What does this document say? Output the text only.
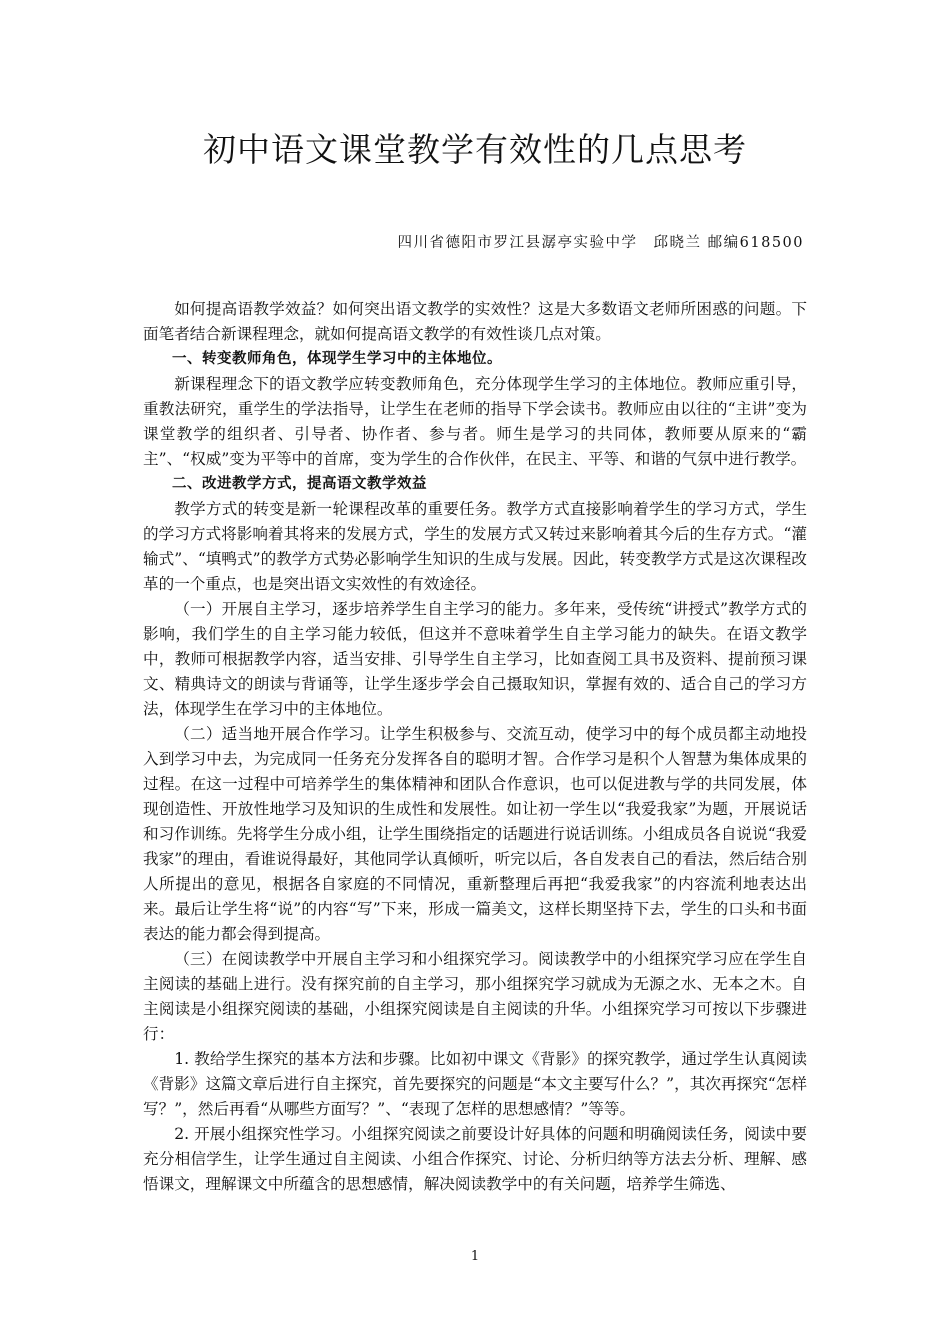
初中语文课堂教学有效性的几点思考
四川省德阳市罗江县潺亭实验中学　邱晓兰 邮编618500

如何提高语教学效益？如何突出语文教学的实效性？这是大多数语文老师所困惑的问题。下面笔者结合新课程理念，就如何提高语文教学的有效性谈几点对策。

一、转变教师角色，体现学生学习中的主体地位。

新课程理念下的语文教学应转变教师角色，充分体现学生学习的主体地位。教师应重引导，重教法研究，重学生的学法指导，让学生在老师的指导下学会读书。教师应由以往的“主讲”变为课堂教学的组织者、引导者、协作者、参与者。师生是学习的共同体，教师要从原来的“霸主”、“权威”变为平等中的首席，变为学生的合作伙伴，在民主、平等、和谐的气氛中进行教学。

二、改进教学方式，提高语文教学效益

教学方式的转变是新一轮课程改革的重要任务。教学方式直接影响着学生的学习方式，学生的学习方式将影响着其将来的发展方式，学生的发展方式又转过来影响着其今后的生存方式。“灌输式”、“填鸭式”的教学方式势必影响学生知识的生成与发展。因此，转变教学方式是这次课程改革的一个重点，也是突出语文实效性的有效途径。

（一）开展自主学习，逐步培养学生自主学习的能力。多年来，受传统“讲授式”教学方式的影响，我们学生的自主学习能力较低，但这并不意味着学生自主学习能力的缺失。在语文教学中，教师可根据教学内容，适当安排、引导学生自主学习，比如查阅工具书及资料、提前预习课文、精典诗文的朗读与背诵等，让学生逐步学会自己摄取知识，掌握有效的、适合自己的学习方法，体现学生在学习中的主体地位。

（二）适当地开展合作学习。让学生积极参与、交流互动，使学习中的每个成员都主动地投入到学习中去，为完成同一任务充分发挥各自的聪明才智。合作学习是积个人智慧为集体成果的过程。在这一过程中可培养学生的集体精神和团队合作意识，也可以促进教与学的共同发展，体现创造性、开放性地学习及知识的生成性和发展性。如让初一学生以“我爱我家”为题，开展说话和习作训练。先将学生分成小组，让学生围绕指定的话题进行说话训练。小组成员各自说说“我爱我家”的理由，看谁说得最好，其他同学认真倾听，听完以后，各自发表自己的看法，然后结合别人所提出的意见，根据各自家庭的不同情况，重新整理后再把“我爱我家”的内容流利地表达出来。最后让学生将“说”的内容“写”下来，形成一篇美文，这样长期坚持下去，学生的口头和书面表达的能力都会得到提高。

（三）在阅读教学中开展自主学习和小组探究学习。阅读教学中的小组探究学习应在学生自主阅读的基础上进行。没有探究前的自主学习，那小组探究学习就成为无源之水、无本之木。自主阅读是小组探究阅读的基础，小组探究阅读是自主阅读的升华。小组探究学习可按以下步骤进行：

1. 教给学生探究的基本方法和步骤。比如初中课文《背影》的探究教学，通过学生认真阅读《背影》这篇文章后进行自主探究，首先要探究的问题是“本文主要写什么？”，其次再探究“怎样写？”，然后再看“从哪些方面写？”、“表现了怎样的思想感情？”等等。

2. 开展小组探究性学习。小组探究阅读之前要设计好具体的问题和明确阅读任务，阅读中要充分相信学生，让学生通过自主阅读、小组合作探究、讨论、分析归纳等方法去分析、理解、感悟课文，理解课文中所蕴含的思想感情，解决阅读教学中的有关问题，培养学生筛选、

1
